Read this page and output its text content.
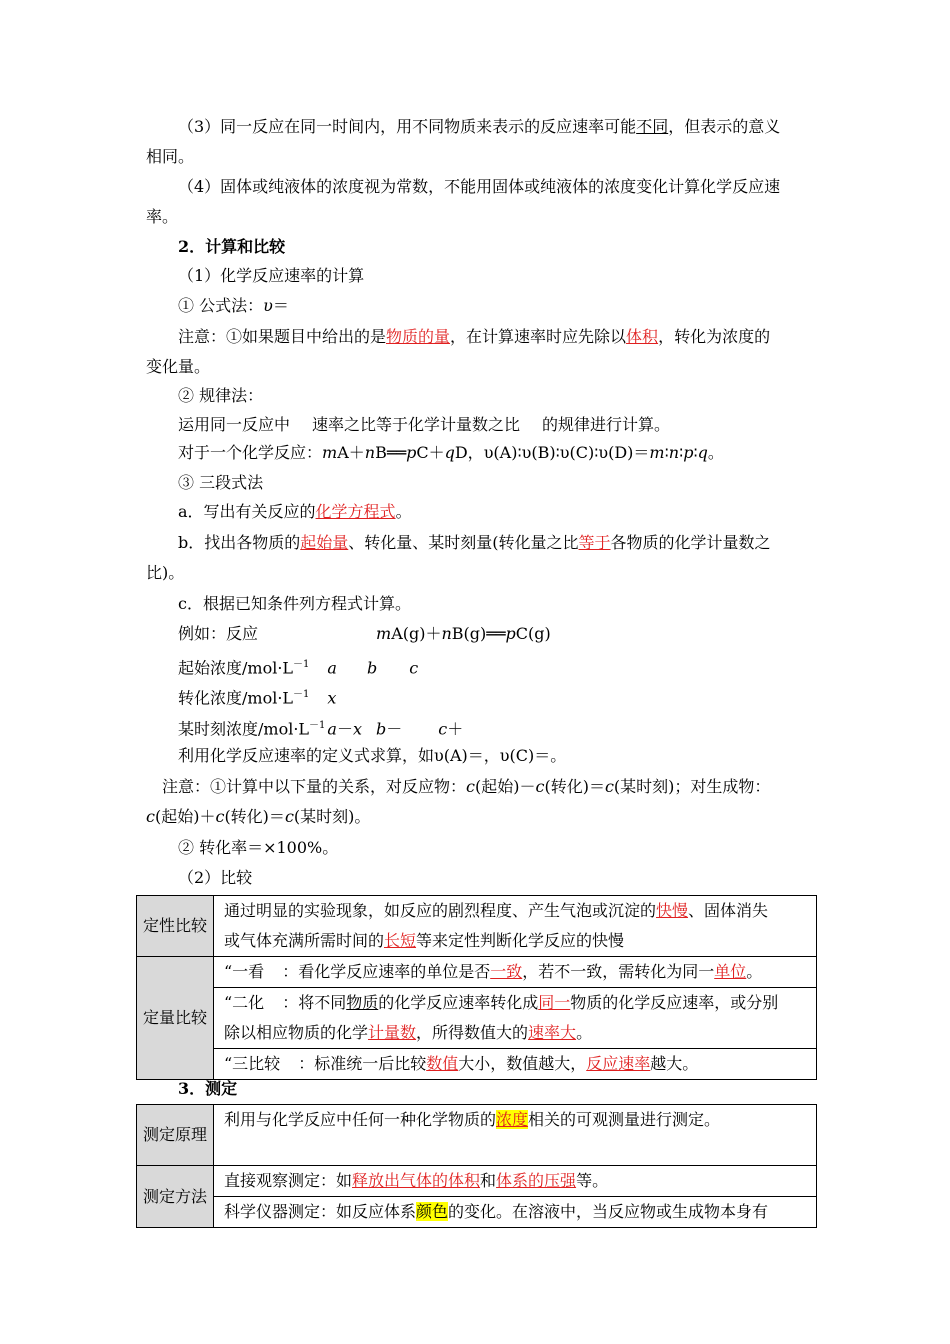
（3）同一反应在同一时间内，用不同物质来表示的反应速率可能不同，但表示的意义
相同。
（4）固体或纯液体的浓度视为常数，不能用固体或纯液体的浓度变化计算化学反应速
率。
2．计算和比较
（1）化学反应速率的计算
① 公式法：υ＝
注意：①如果题目中给出的是物质的量，在计算速率时应先除以体积，转化为浓度的
变化量。
② 规律法：
运用同一反应中 速率之比等于化学计量数之比 的规律进行计算。
对于一个化学反应：mA＋nB══pC＋qD，υ(A)∶υ(B)∶υ(C)∶υ(D)＝m∶n∶p∶q。
③ 三段式法
a．写出有关反应的化学方程式。
b．找出各物质的起始量、转化量、某时刻量(转化量之比等于各物质的化学计量数之
比)。
c．根据已知条件列方程式计算。
例如：反应	mA(g)＋nB(g)══pC(g)
起始浓度$/mol\cdot L^{-1}$ a b c
转化浓度$/mol\cdot L^{-1}$ x
某时刻浓度$/mol\cdot L^{-1}$ a－x b－ c＋
利用化学反应速率的定义式求算，如υ(A)＝，υ(C)＝。
注意：①计算中以下量的关系，对反应物：c(起始)－c(转化)＝c(某时刻)；对生成物：
c(起始)＋c(转化)＝c(某时刻)。
② 转化率＝×100%。
（2）比较
定性比较	通过明显的实验现象，如反应的剧烈程度、产生气泡或沉淀的快慢、固体消失
或气体充满所需时间的长短等来定性判断化学反应的快慢
定量比较	“一看 ：看化学反应速率的单位是否一致，若不一致，需转化为同一单位。
	“二化 ：将不同物质的化学反应速率转化成同一物质的化学反应速率，或分别
除以相应物质的化学计量数，所得数值大的速率大。
	“三比较 ：标准统一后比较数值大小，数值越大，反应速率越大。
3．测定
测定原理	利用与化学反应中任何一种化学物质的浓度相关的可观测量进行测定。
测定方法	直接观察测定：如释放出气体的体积和体系的压强等。
	科学仪器测定：如反应体系颜色的变化。在溶液中，当反应物或生成物本身有
